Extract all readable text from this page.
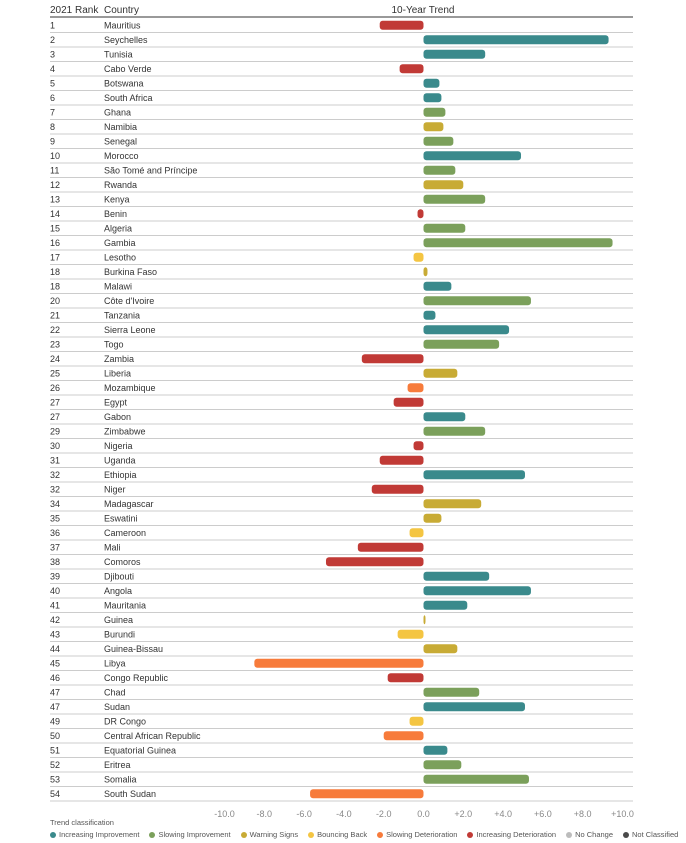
2021 Rank Country	10-Year Trend
1	Mauritius
2	Seychelles
3	Tunisia
4	Cabo Verde
5	Botswana
6	South Africa
7	Ghana
8	Namibia
9	Senegal
10	Morocco
11	São Tomé and Príncipe
12	Rwanda
13	Kenya
14	Benin
15	Algeria
16	Gambia
17	Lesotho
18	Burkina Faso
18	Malawi
20	Côte d'Ivoire
21	Tanzania
22	Sierra Leone
23	Togo
24	Zambia
25	Liberia
26	Mozambique
27	Egypt
27	Gabon
29	Zimbabwe
30	Nigeria
31	Uganda
32	Ethiopia
32	Niger
34	Madagascar
35	Eswatini
36	Cameroon
37	Mali
38	Comoros
39	Djibouti
40	Angola
41	Mauritania
42	Guinea
43	Burundi
44	Guinea-Bissau
45	Libya
46	Congo Republic
47	Chad
47	Sudan
49	DR Congo
50	Central African Republic
51	Equatorial Guinea
52	Eritrea
53	Somalia
54	South Sudan
-10.0 -8.0	-6.0	-4.0	-2.0	0.0	+2.0 +4.0 +6.0 +8.0 +10.0
Trend classification
Increasing Improvement	Slowing Improvement	Warning Signs	Bouncing Back	Slowing Deterioration	Increasing Deterioration	No Change	Not Classified
